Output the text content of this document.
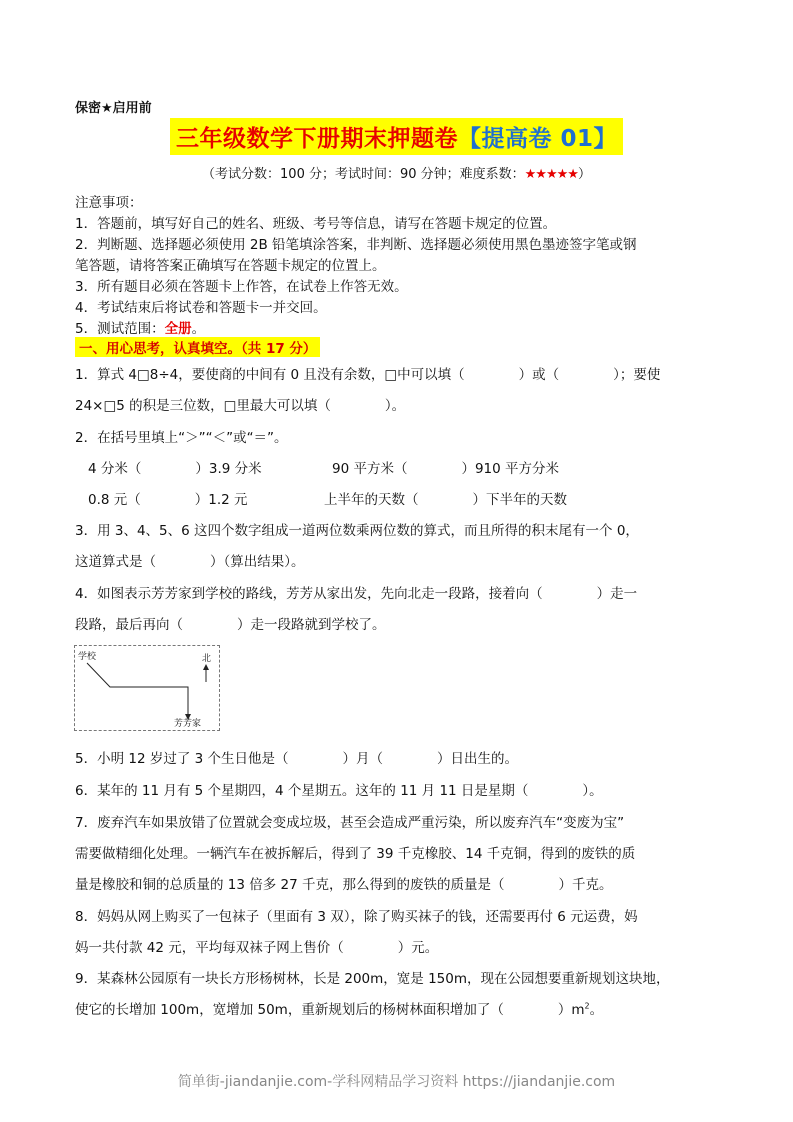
保密★启用前
三年级数学下册期末押题卷【提高卷 01】
（考试分数：100 分；考试时间：90 分钟；难度系数：★★★★★）
注意事项：
1．答题前，填写好自己的姓名、班级、考号等信息，请写在答题卡规定的位置。
2．判断题、选择题必须使用 2B 铅笔填涂答案，非判断、选择题必须使用黑色墨迹签字笔或钢
笔答题，请将答案正确填写在答题卡规定的位置上。
3．所有题目必须在答题卡上作答，在试卷上作答无效。
4．考试结束后将试卷和答题卡一并交回。
5．测试范围：全册。
一、用心思考，认真填空。（共 17 分）
1．算式 4□8÷4，要使商的中间有 0 且没有余数，□中可以填（　　　　）或（　　　　）；要使
24×□5 的积是三位数，□里最大可以填（　　　　）。
2．在括号里填上“＞”“＜”或“＝”。
4 分米（　　　　）3.9 分米	90 平方米（　　　　）910 平方分米
0.8 元（　　　　）1.2 元	上半年的天数（　　　　）下半年的天数
3．用 3、4、5、6 这四个数字组成一道两位数乘两位数的算式，而且所得的积末尾有一个 0，
这道算式是（　　　　）（算出结果）。
4．如图表示芳芳家到学校的路线，芳芳从家出发，先向北走一段路，接着向（　　　　）走一
段路，最后再向（　　　　）走一段路就到学校了。
学校	北
芳芳家
5．小明 12 岁过了 3 个生日他是（　　　　）月（　　　　）日出生的。
6．某年的 11 月有 5 个星期四，4 个星期五。这年的 11 月 11 日是星期（　　　　）。
7．废弃汽车如果放错了位置就会变成垃圾，甚至会造成严重污染，所以废弃汽车“变废为宝”
需要做精细化处理。一辆汽车在被拆解后，得到了 39 千克橡胶、14 千克铜，得到的废铁的质
量是橡胶和铜的总质量的 13 倍多 27 千克，那么得到的废铁的质量是（　　　　）千克。
8．妈妈从网上购买了一包袜子（里面有 3 双），除了购买袜子的钱，还需要再付 6 元运费，妈
妈一共付款 42 元，平均每双袜子网上售价（　　　　）元。
9．某森林公园原有一块长方形杨树林，长是 200m，宽是 150m，现在公园想要重新规划这块地，
使它的长增加 100m，宽增加 50m，重新规划后的杨树林面积增加了（　　　　）$m^2$。
简单街-jiandanjie.com-学科网精品学习资料 https://jiandanjie.com
